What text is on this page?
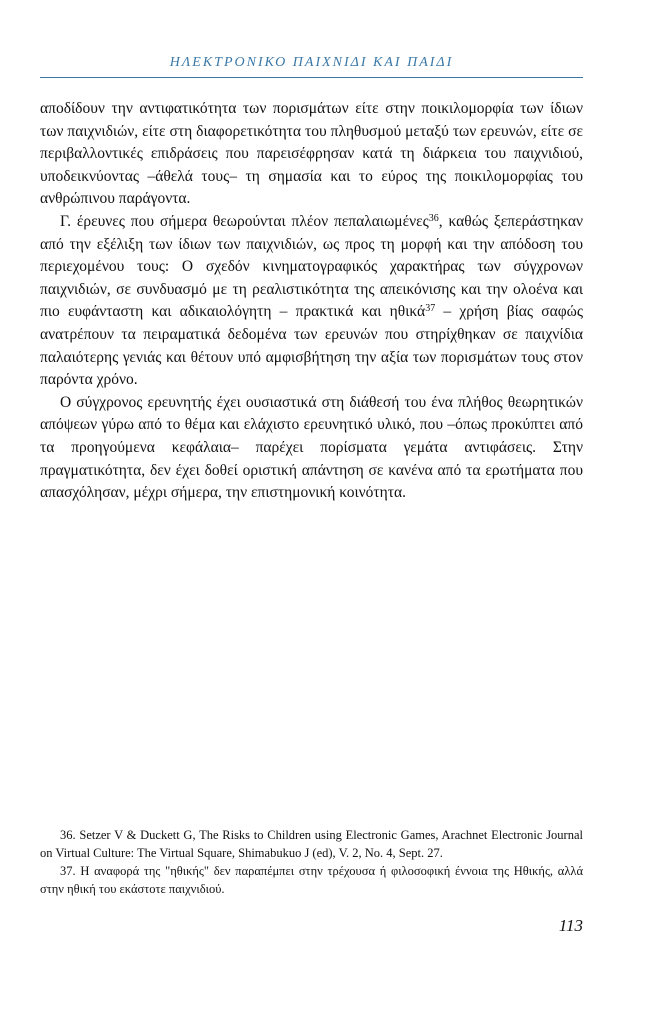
ΗΛΕΚΤΡΟΝΙΚΟ ΠΑΙΧΝΙΔΙ ΚΑΙ ΠΑΙΔΙ

αποδίδουν την αντιφατικότητα των πορισμάτων είτε στην ποικιλομορφία των ίδιων των παιχνιδιών, είτε στη διαφορετικότητα του πληθυσμού μεταξύ των ερευνών, είτε σε περιβαλλοντικές επιδράσεις που παρεισέφρησαν κατά τη διάρκεια του παιχνιδιού, υποδεικνύοντας –άθελά τους– τη σημασία και το εύρος της ποικιλομορφίας του ανθρώπινου παράγοντα.

Γ. έρευνες που σήμερα θεωρούνται πλέον πεπαλαιωμένες$^{36}$, καθώς ξεπεράστηκαν από την εξέλιξη των ίδιων των παιχνιδιών, ως προς τη μορφή και την απόδοση του περιεχομένου τους: Ο σχεδόν κινηματογραφικός χαρακτήρας των σύγχρονων παιχνιδιών, σε συνδυασμό με τη ρεαλιστικότητα της απεικόνισης και την ολοένα και πιο ευφάνταστη και αδικαιολόγητη – πρακτικά και ηθικά$^{37}$ – χρήση βίας σαφώς ανατρέπουν τα πειραματικά δεδομένα των ερευνών που στηρίχθηκαν σε παιχνίδια παλαιότερης γενιάς και θέτουν υπό αμφισβήτηση την αξία των πορισμάτων τους στον παρόντα χρόνο.

Ο σύγχρονος ερευνητής έχει ουσιαστικά στη διάθεσή του ένα πλήθος θεωρητικών απόψεων γύρω από το θέμα και ελάχιστο ερευνητικό υλικό, που –όπως προκύπτει από τα προηγούμενα κεφάλαια– παρέχει πορίσματα γεμάτα αντιφάσεις. Στην πραγματικότητα, δεν έχει δοθεί οριστική απάντηση σε κανένα από τα ερωτήματα που απασχόλησαν, μέχρι σήμερα, την επιστημονική κοινότητα.

36. Setzer V & Duckett G, The Risks to Children using Electronic Games, Arachnet Electronic Journal on Virtual Culture: The Virtual Square, Shimabukuo J (ed), V. 2, No. 4, Sept. 27.

37. Η αναφορά της "ηθικής" δεν παραπέμπει στην τρέχουσα ή φιλοσοφική έννοια της Ηθικής, αλλά στην ηθική του εκάστοτε παιχνιδιού.

113
